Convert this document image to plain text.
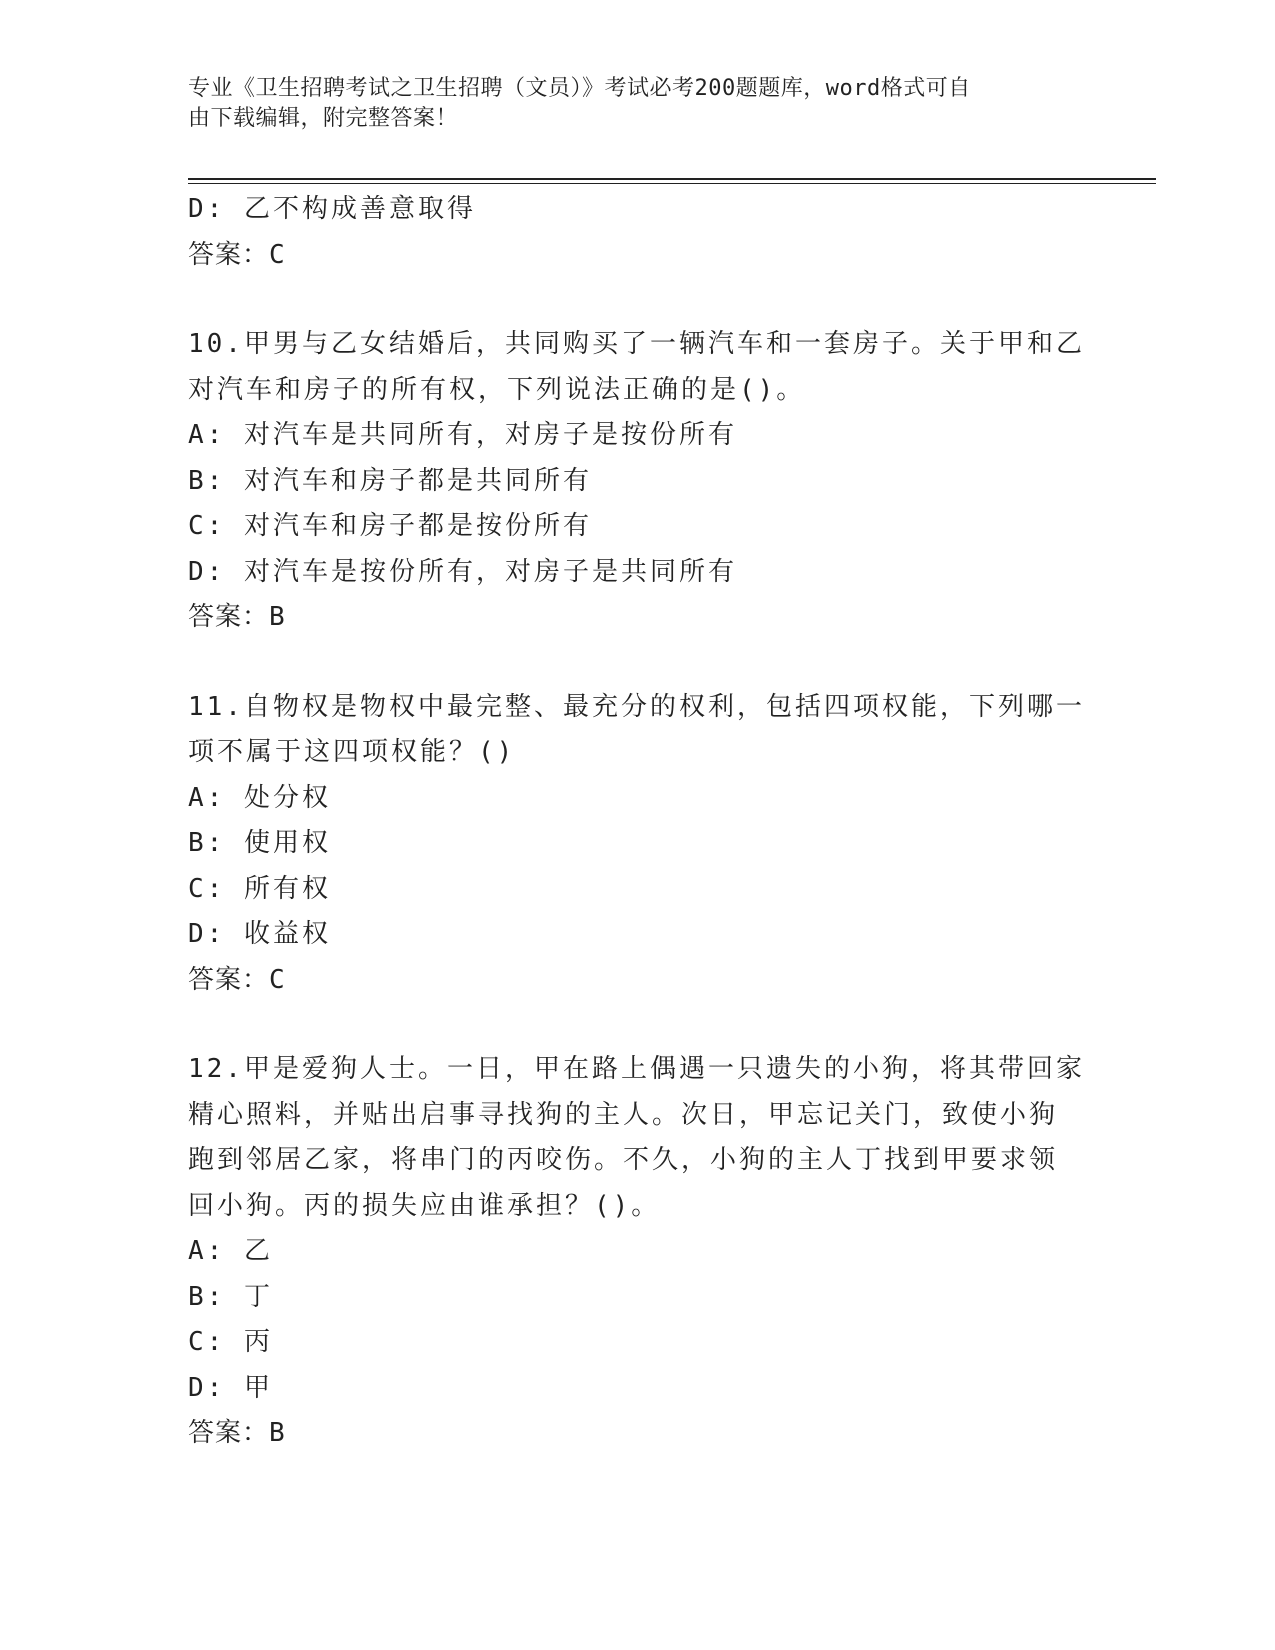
专业《卫生招聘考试之卫生招聘（文员）》考试必考200题题库，word格式可自
由下载编辑，附完整答案！
D: 乙不构成善意取得
答案：C
10.甲男与乙女结婚后，共同购买了一辆汽车和一套房子。关于甲和乙
对汽车和房子的所有权，下列说法正确的是()。
A: 对汽车是共同所有，对房子是按份所有
B: 对汽车和房子都是共同所有
C: 对汽车和房子都是按份所有
D: 对汽车是按份所有，对房子是共同所有
答案：B
11.自物权是物权中最完整、最充分的权利，包括四项权能，下列哪一
项不属于这四项权能？()
A: 处分权
B: 使用权
C: 所有权
D: 收益权
答案：C
12.甲是爱狗人士。一日，甲在路上偶遇一只遗失的小狗，将其带回家
精心照料，并贴出启事寻找狗的主人。次日，甲忘记关门，致使小狗
跑到邻居乙家，将串门的丙咬伤。不久，小狗的主人丁找到甲要求领
回小狗。丙的损失应由谁承担？()。
A: 乙
B: 丁
C: 丙
D: 甲
答案：B
